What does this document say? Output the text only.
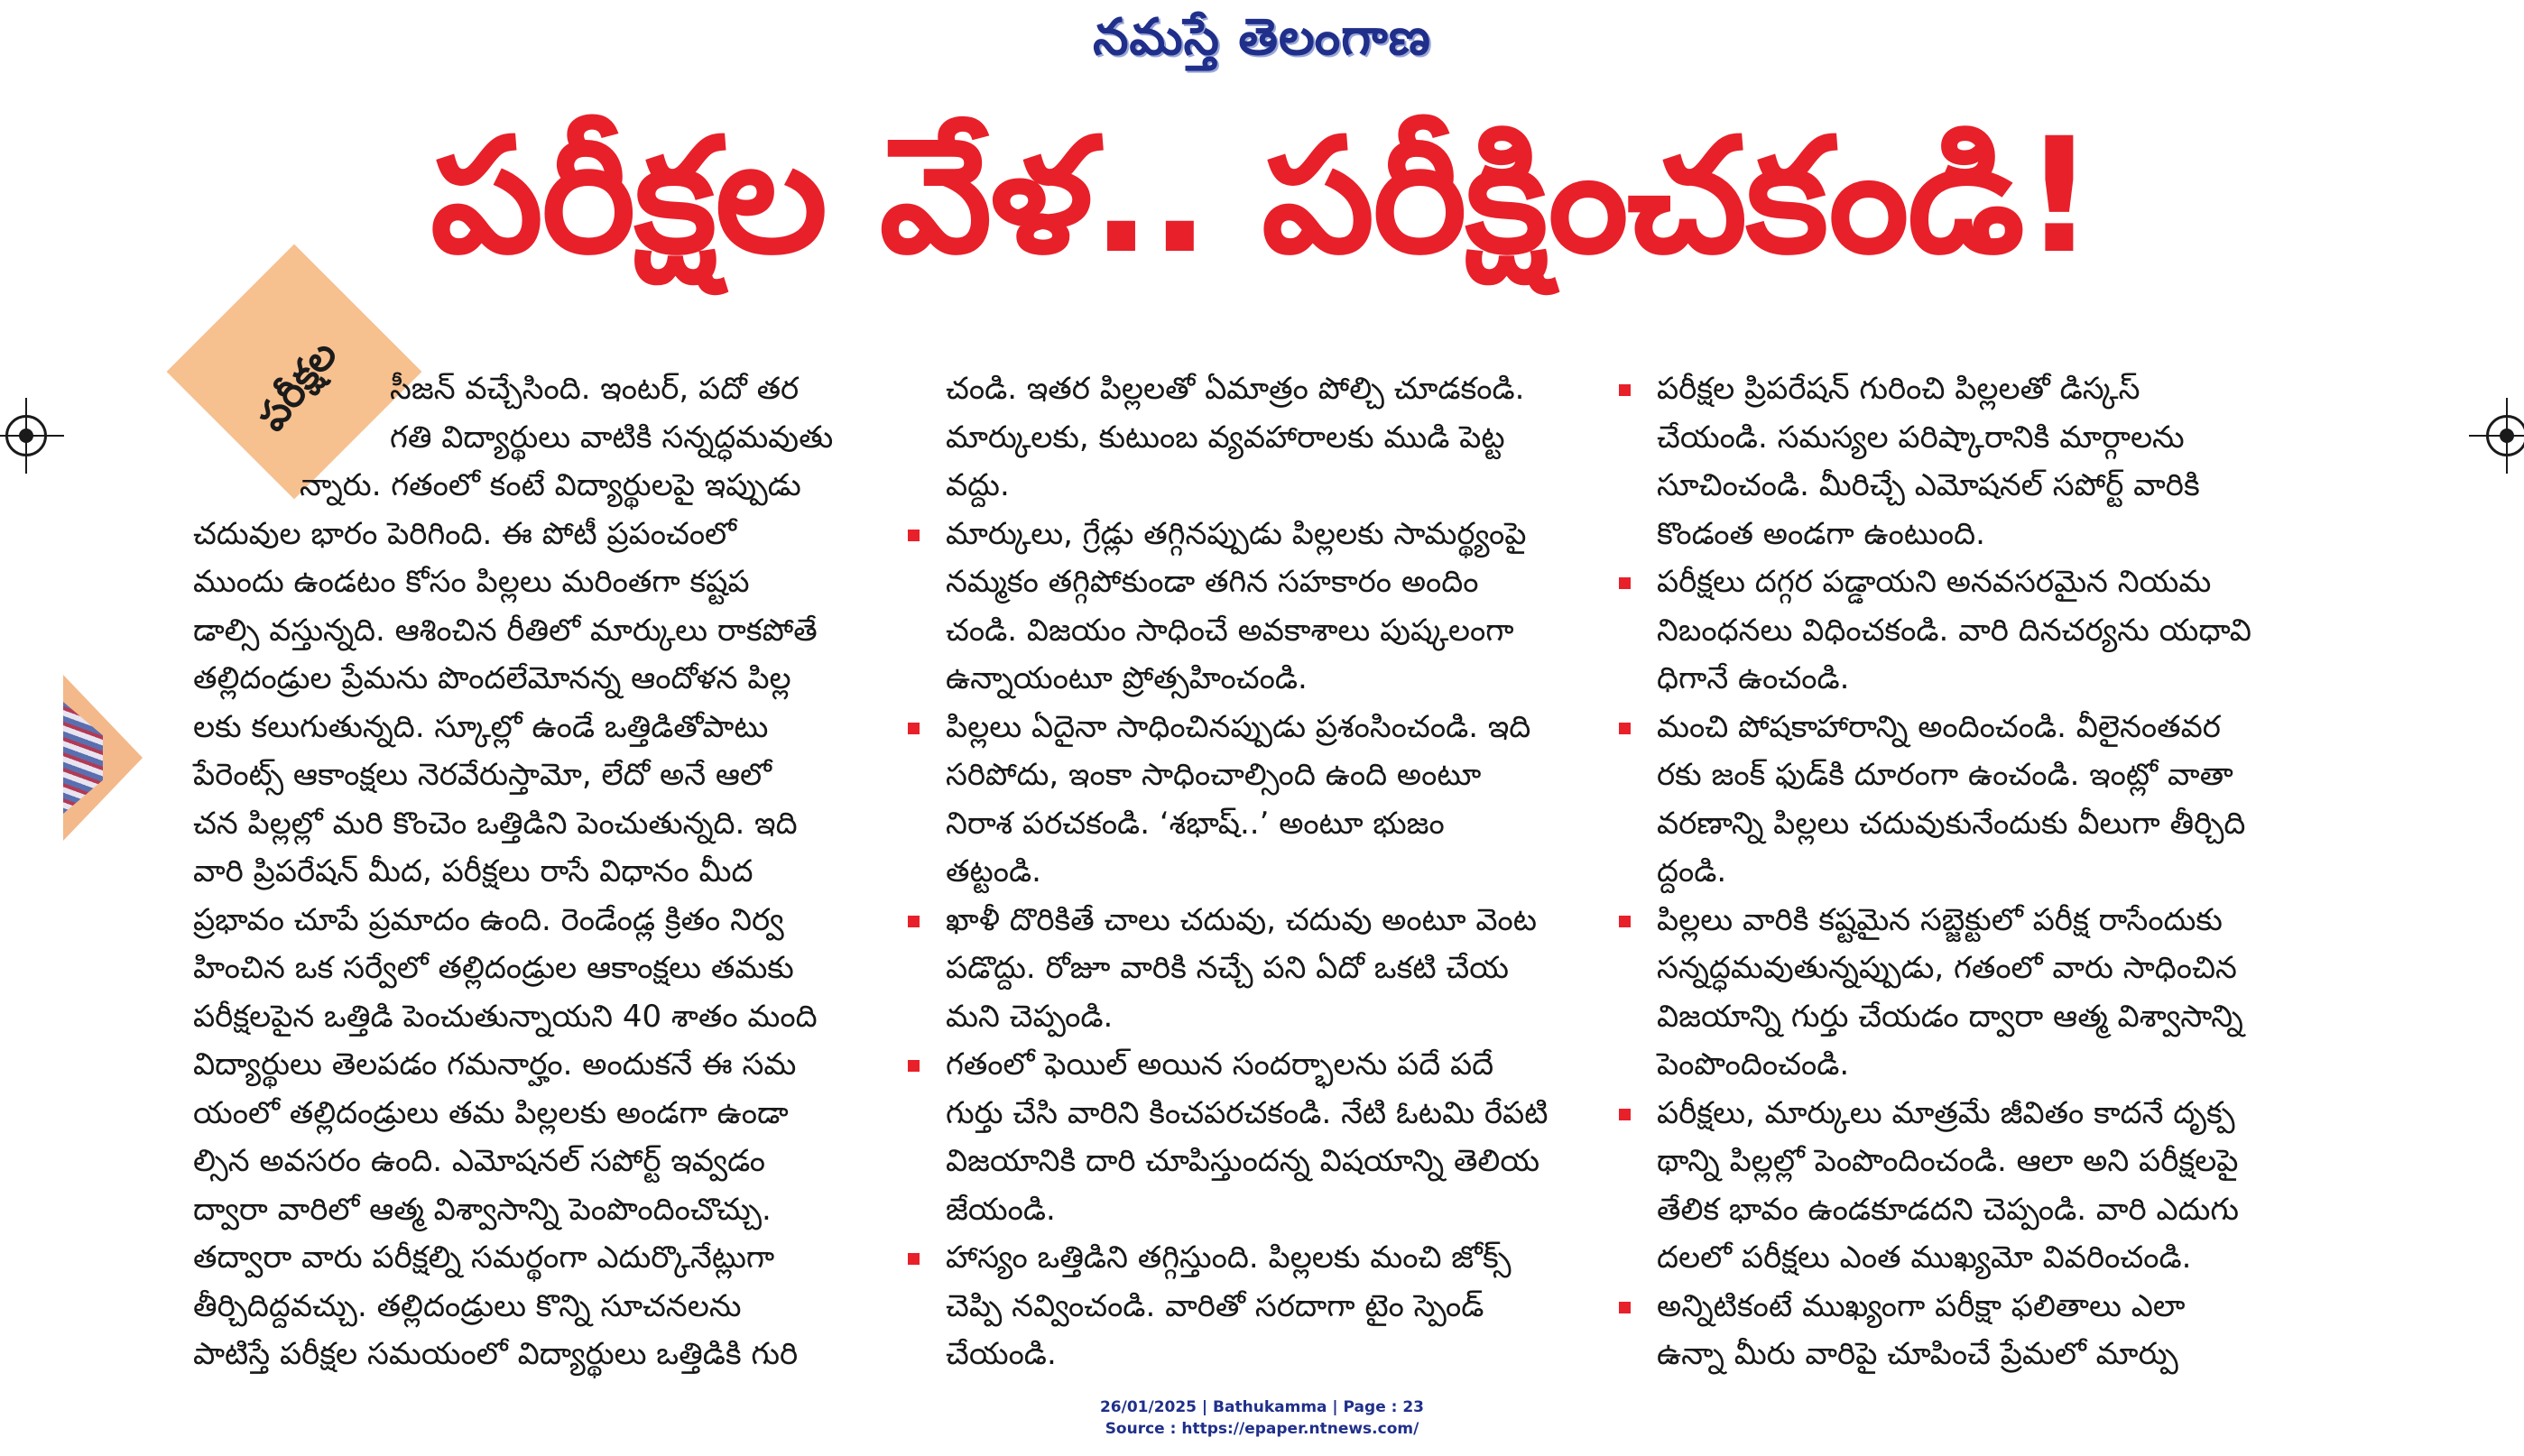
నమస్తే తెలంగాణ
పరీక్షల వేళ.. పరీక్షించకండి!
పరీక్షల	సీజన్ వచ్చేసింది. ఇంటర్, పదో తర

గతి విద్యార్థులు వాటికి సన్నద్ధమవుతు

న్నారు. గతంలో కంటే విద్యార్థులపై ఇప్పుడు

చదువుల భారం పెరిగింది. ఈ పోటీ ప్రపంచంలో

ముందు ఉండటం కోసం పిల్లలు మరింతగా కష్టప

డాల్సి వస్తున్నది. ఆశించిన రీతిలో మార్కులు రాకపోతే

తల్లిదండ్రుల ప్రేమను పొందలేమోనన్న ఆందోళన పిల్ల

లకు కలుగుతున్నది. స్కూల్లో ఉండే ఒత్తిడితోపాటు

పేరెంట్స్ ఆకాంక్షలు నెరవేరుస్తామో, లేదో అనే ఆలో

చన పిల్లల్లో మరి కొంచెం ఒత్తిడిని పెంచుతున్నది. ఇది

వారి ప్రిపరేషన్ మీద, పరీక్షలు రాసే విధానం మీద

ప్రభావం చూపే ప్రమాదం ఉంది. రెండేండ్ల క్రితం నిర్వ

హించిన ఒక సర్వేలో తల్లిదండ్రుల ఆకాంక్షలు తమకు

పరీక్షలపైన ఒత్తిడి పెంచుతున్నాయని 40 శాతం మంది

విద్యార్థులు తెలపడం గమనార్హం. అందుకనే ఈ సమ

యంలో తల్లిదండ్రులు తమ పిల్లలకు అండగా ఉండా

ల్సిన అవసరం ఉంది. ఎమోషనల్ సపోర్ట్ ఇవ్వడం

ద్వారా వారిలో ఆత్మ విశ్వాసాన్ని పెంపొందించొచ్చు.

తద్వారా వారు పరీక్షల్ని సమర్థంగా ఎదుర్కొనేట్లుగా

తీర్చిదిద్దవచ్చు. తల్లిదండ్రులు కొన్ని సూచనలను

పాటిస్తే పరీక్షల సమయంలో విద్యార్థులు ఒత్తిడికి గురి

చండి. ఇతర పిల్లలతో ఏమాత్రం పోల్చి చూడకండి.

మార్కులకు, కుటుంబ వ్యవహారాలకు ముడి పెట్ట

వద్దు.

మార్కులు, గ్రేడ్లు తగ్గినప్పుడు పిల్లలకు సామర్థ్యంపై

నమ్మకం తగ్గిపోకుండా తగిన సహకారం అందిం

చండి. విజయం సాధించే అవకాశాలు పుష్కలంగా

ఉన్నాయంటూ ప్రోత్సహించండి.

పిల్లలు ఏదైనా సాధించినప్పుడు ప్రశంసించండి. ఇది

సరిపోదు, ఇంకా సాధించాల్సింది ఉంది అంటూ

నిరాశ పరచకండి. ‘శభాష్..’ అంటూ భుజం

తట్టండి.

ఖాళీ దొరికితే చాలు చదువు, చదువు అంటూ వెంట

పడొద్దు. రోజూ వారికి నచ్చే పని ఏదో ఒకటి చేయ

మని చెప్పండి.

గతంలో ఫెయిల్ అయిన సందర్భాలను పదే పదే

గుర్తు చేసి వారిని కించపరచకండి. నేటి ఓటమి రేపటి

విజయానికి దారి చూపిస్తుందన్న విషయాన్ని తెలియ

జేయండి.

హాస్యం ఒత్తిడిని తగ్గిస్తుంది. పిల్లలకు మంచి జోక్స్

చెప్పి నవ్వించండి. వారితో సరదాగా టైం స్పెండ్

చేయండి.

పరీక్షల ప్రిపరేషన్ గురించి పిల్లలతో డిస్కస్

చేయండి. సమస్యల పరిష్కారానికి మార్గాలను

సూచించండి. మీరిచ్చే ఎమోషనల్ సపోర్ట్ వారికి

కొండంత అండగా ఉంటుంది.

పరీక్షలు దగ్గర పడ్డాయని అనవసరమైన నియమ

నిబంధనలు విధించకండి. వారి దినచర్యను యధావి

ధిగానే ఉంచండి.

మంచి పోషకాహారాన్ని అందించండి. వీలైనంతవర

రకు జంక్ ఫుడ్‌కి దూరంగా ఉంచండి. ఇంట్లో వాతా

వరణాన్ని పిల్లలు చదువుకునేందుకు వీలుగా తీర్చిది

ద్దండి.

పిల్లలు వారికి కష్టమైన సబ్జెక్టులో పరీక్ష రాసేందుకు

సన్నద్ధమవుతున్నప్పుడు, గతంలో వారు సాధించిన

విజయాన్ని గుర్తు చేయడం ద్వారా ఆత్మ విశ్వాసాన్ని

పెంపొందించండి.

పరీక్షలు, మార్కులు మాత్రమే జీవితం కాదనే దృక్ప

థాన్ని పిల్లల్లో పెంపొందించండి. ఆలా అని పరీక్షలపై

తేలిక భావం ఉండకూడదని చెప్పండి. వారి ఎదుగు

దలలో పరీక్షలు ఎంత ముఖ్యమో వివరించండి.

అన్నిటికంటే ముఖ్యంగా పరీక్షా ఫలితాలు ఎలా

ఉన్నా మీరు వారిపై చూపించే ప్రేమలో మార్పు

26/01/2025 | Bathukamma | Page : 23
Source : https://epaper.ntnews.com/
